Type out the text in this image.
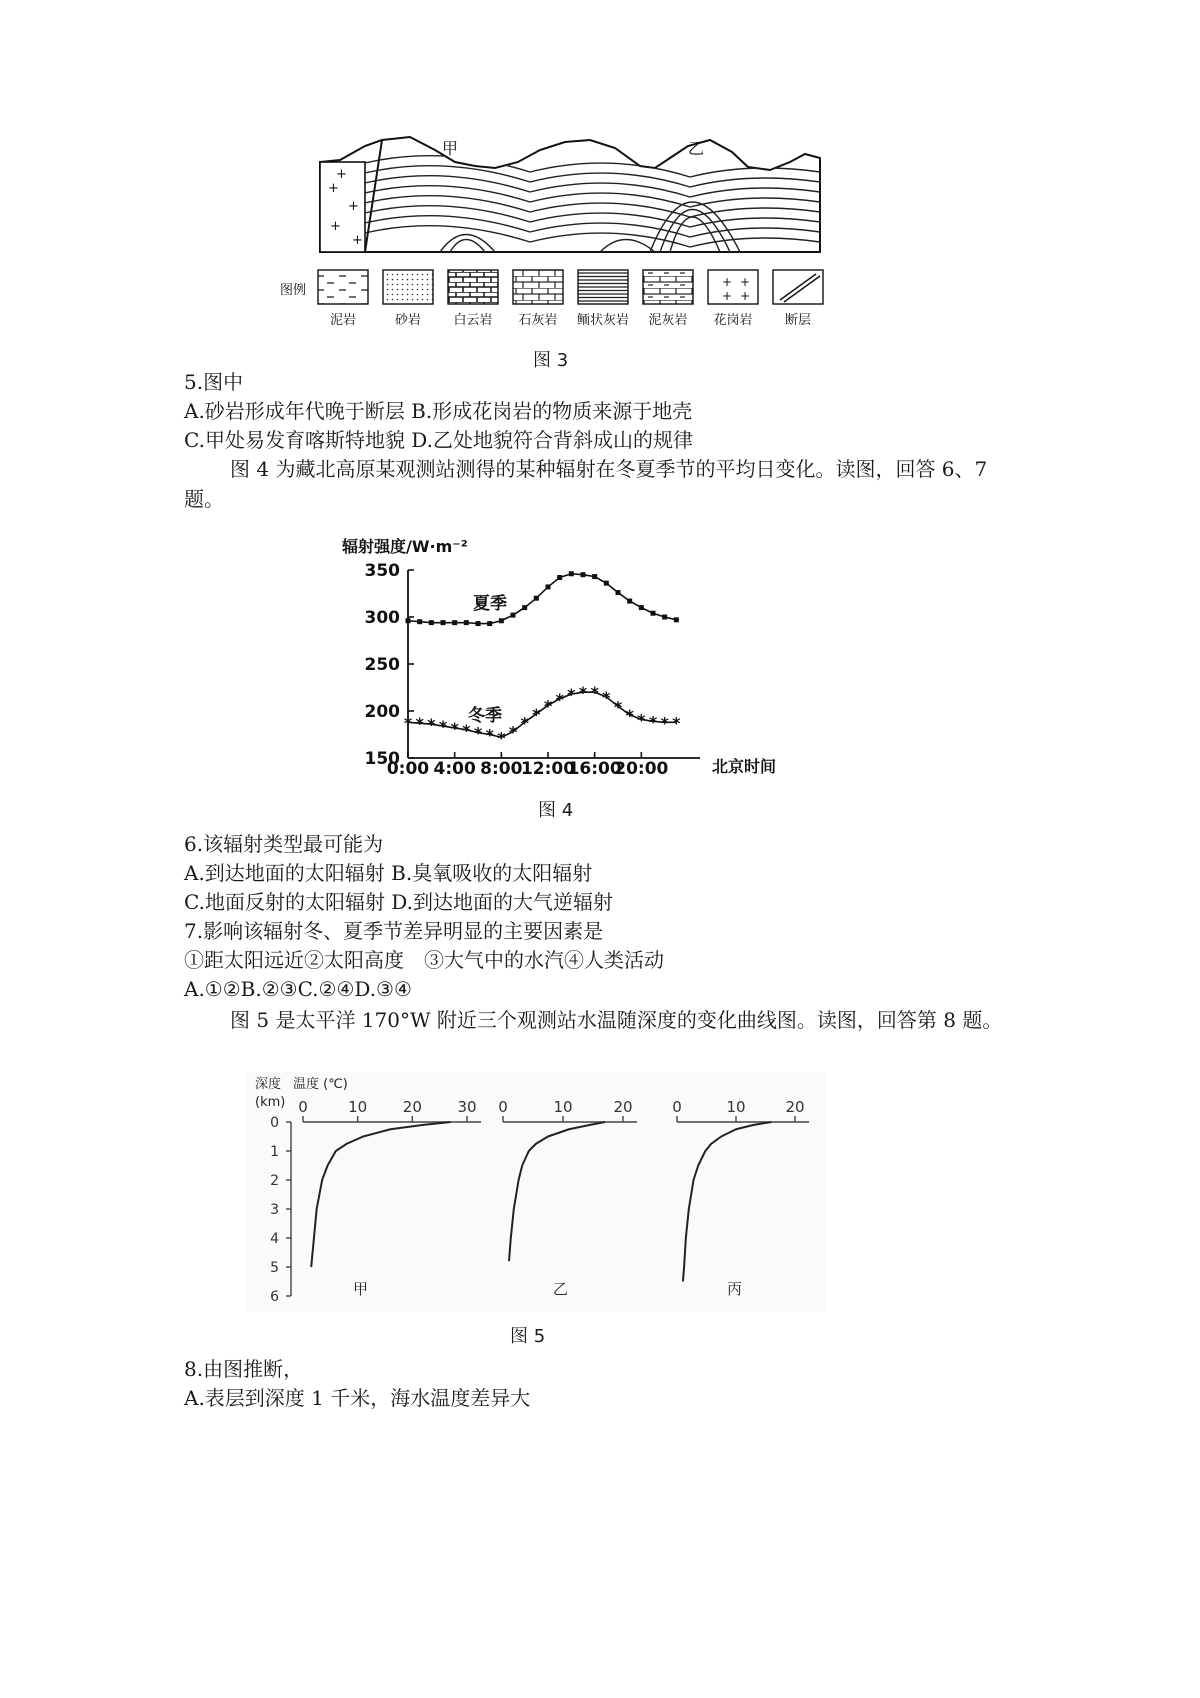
+
+
+
+
+
甲	乙
图例
+ +
+ +
泥岩	砂岩 白云岩 石灰岩 鲕状灰岩 泥灰岩 花岗岩 断层
图 3
5.图中
A.砂岩形成年代晚于断层 B.形成花岗岩的物质来源于地壳
C.甲处易发育喀斯特地貌 D.乙处地貌符合背斜成山的规律
图 4 为藏北高原某观测站测得的某种辐射在冬夏季节的平均日变化。读图，回答 6、7 题。
辐射强度/W·m⁻²
北京时间
150
200
250
300
350
0:00 4:00 8:00
12:00
16:00
20:00
* * * * * * * * * * * * * * * * * * * * * * * *
夏季
冬季
图 4
6.该辐射类型最可能为
A.到达地面的太阳辐射 B.臭氧吸收的太阳辐射
C.地面反射的太阳辐射 D.到达地面的大气逆辐射
7.影响该辐射冬、夏季节差异明显的主要因素是
①距太阳远近②太阳高度　③大气中的水汽④人类活动
A.①②B.②③C.②④D.③④
图 5 是太平洋 170°W 附近三个观测站水温随深度的变化曲线图。读图，回答第 8 题。
深度
(km)
温度 (℃)
0
1
2
3
4
5
6
0	10 20 30
甲
0	10	20
乙
0	10	20
丙
图 5
8.由图推断，
A.表层到深度 1 千米，海水温度差异大
